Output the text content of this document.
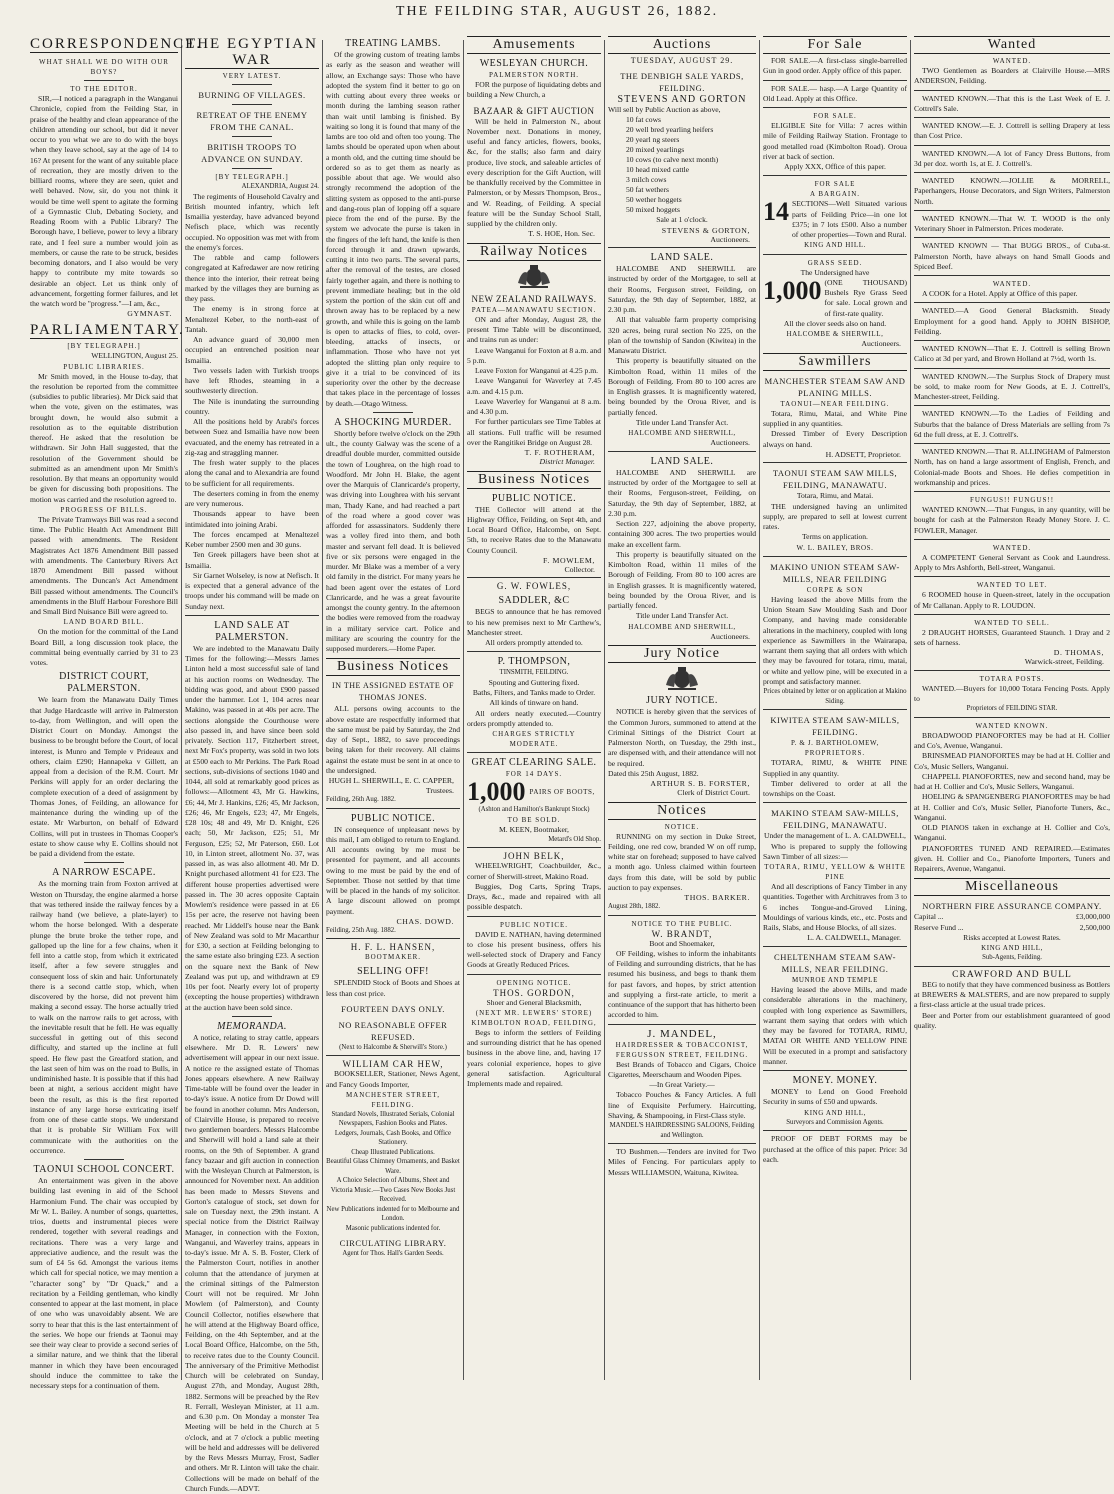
THE FEILDING STAR, AUGUST 26, 1882.
CORRESPONDENCE.
WHAT SHALL WE DO WITH OUR BOYS?
TO THE EDITOR.
SIR,—I noticed a paragraph in the Wanganui Chronicle, copied from the Feilding Star, in praise of the healthy and clean appearance of the children attending our school, but did it never occur to you what we are to do with the boys when they leave school, say at the age of 14 to 16? At present for the want of any suitable place of recreation, they are mostly driven to the billiard rooms, where they are seen, quiet and well behaved. Now, sir, do you not think it would be time well spent to agitate the forming of a Gymnastic Club, Debating Society, and Reading Room with a Public Library? The Borough have, I believe, power to levy a library rate, and I feel sure a number would join as members, or cause the rate to be struck, besides becoming donators, and I also would be very happy to contribute my mite towards so desirable an object. Let us think only of advancement, forgetting former failures, and let the watch word be "progress."—I am, &c.,
GYMNAST.
PARLIAMENTARY.
[BY TELEGRAPH.]
WELLINGTON, August 25.
PUBLIC LIBRARIES.
Mr Smith moved, in the House to-day, that the resolution be reported from the committee (subsidies to public libraries). Mr Dick said that when the vote, given on the estimates, was brought down, he would also submit a resolution as to the equitable distribution thereof. He asked that the resolution be withdrawn. Sir John Hall suggested, that the resolution of the Government should be submitted as an amendment upon Mr Smith's resolution. By that means an opportunity would be given for discussing both propositions. The motion was carried and the resolution agreed to.
PROGRESS OF BILLS.
The Private Tramways Bill was read a second time. The Public Health Act Amendment Bill passed with amendments. The Resident Magistrates Act 1876 Amendment Bill passed with amendments. The Canterbury Rivers Act 1870 Amendment Bill passed without amendments. The Duncan's Act Amendment Bill passed without amendments. The Council's amendments in the Bluff Harbour Foreshore Bill and Small Bird Nuisance Bill were agreed to.
LAND BOARD BILL.
On the motion for the committal of the Land Board Bill, a long discussion took place, the committal being eventually carried by 31 to 23 votes.
DISTRICT COURT, PALMERSTON.
We learn from the Manawatu Daily Times that Judge Hardcastle will arrive in Palmerston to-day, from Wellington, and will open the District Court on Monday. Amongst the business to be brought before the Court, of local interest, is Munro and Temple v Prideaux and others, claim £290; Hannapeka v Gillett, an appeal from a decision of the R.M. Court. Mr Perkins will apply for an order declaring the complete execution of a deed of assignment by Thomas Jones, of Feilding, an allowance for maintenance during the winding up of the estate. Mr Warburton, on behalf of Edward Collins, will put in trustees in Thomas Cooper's estate to show cause why E. Collins should not be paid a dividend from the estate.
A NARROW ESCAPE.
As the morning train from Foxton arrived at Weston on Thursday, the engine alarmed a horse that was tethered inside the railway fences by a railway hand (we believe, a plate-layer) to whom the horse belonged. With a desperate plunge the brute broke the tether rope, and galloped up the line for a few chains, when it fell into a cattle stop, from which it extricated itself, after a few severe struggles and consequent loss of skin and hair. Unfortunately there is a second cattle stop, which, when discovered by the horse, did not prevent him making a second essay. The horse actually tried to walk on the narrow rails to get across, with the inevitable result that he fell. He was equally successful in getting out of this second difficulty, and started up the incline at full speed. He flew past the Greatford station, and the last seen of him was on the road to Bulls, in undiminished haste. It is possible that if this had been at night, a serious accident might have been the result, as this is the first reported instance of any large horse extricating itself from one of these cattle stops. We understand that it is probable Sir William Fox will communicate with the authorities on the occurrence.
TAONUI SCHOOL CONCERT.
An entertainment was given in the above building last evening in aid of the School Harmonium Fund. The chair was occupied by Mr W. L. Bailey. A number of songs, quartettes, trios, duetts and instrumental pieces were rendered, together with several readings and recitations. There was a very large and appreciative audience, and the result was the sum of £4 5s 6d. Amongst the various items which call for special notice, we may mention a "character song" by "Dr Quack," and a recitation by a Feilding gentleman, who kindly consented to appear at the last moment, in place of one who was unavoidably absent. We are sorry to hear that this is the last entertainment of the series. We hope our friends at Taonui may see their way clear to provide a second series of a similar nature, and we think that the liberal manner in which they have been encouraged should induce the committee to take the necessary steps for a continuation of them.
THE EGYPTIAN WAR
VERY LATEST.
BURNING OF VILLAGES.
RETREAT OF THE ENEMY FROM THE CANAL.
BRITISH TROOPS TO ADVANCE ON SUNDAY.
[BY TELEGRAPH.]
ALEXANDRIA, August 24.
The regiments of Household Cavalry and British mounted infantry, which left Ismailia yesterday, have advanced beyond Nefisch place, which was recently occupied. No opposition was met with from the enemy's forces.
The rabble and camp followers congregated at Kafredawer are now retiring thence into the interior, their retreat being marked by the villages they are burning as they pass.
The enemy is in strong force at Menaltezel Keber, to the north-east of Tantah.
An advance guard of 30,000 men occupied an entrenched position near Ismailia.
Two vessels laden with Turkish troops have left Rhodes, steaming in a southwesterly direction.
The Nile is inundating the surrounding country.
All the positions held by Arabi's forces between Suez and Ismailia have now been evacuated, and the enemy has retreated in a zig-zag and straggling manner.
The fresh water supply to the places along the canal and to Alexandria are found to be sufficient for all requirements.
The deserters coming in from the enemy are very numerous.
Thousands appear to have been intimidated into joining Arabi.
The forces encamped at Menaltezel Keber number 2500 men and 30 guns.
Ten Greek pillagers have been shot at Ismailia.
Sir Garnet Wolseley, is now at Nefisch. It is expected that a general advance of the troops under his command will be made on Sunday next.
LAND SALE AT PALMERSTON.
We are indebted to the Manawatu Daily Times for the following:—Messrs James Linton held a most successful sale of land at his auction rooms on Wednesday. The bidding was good, and about £900 passed under the hammer. Lot 1, 104 acres near Makino, was passed in at 40s per acre. The sections alongside the Courthouse were also passed in, and have since been sold privately. Section 117, Fitzherbert street, next Mr Fox's property, was sold in two lots at £500 each to Mr Perkins. The Park Road sections, sub-divisions of sections 1040 and 1044, all sold at remarkably good prices as follows:—Allotment 43, Mr G. Hawkins, £6; 44, Mr J. Hankins, £26; 45, Mr Jackson, £26; 46, Mr Engels, £23; 47, Mr Engels, £28 10s; 48 and 49, Mr D. Knight, £26 each; 50, Mr Jackson, £25; 51, Mr Ferguson, £25; 52, Mr Paterson, £60. Lot 10, in Linton street, allotment No. 37, was passed in, as was also allotment 40. Mr D. Knight purchased allotment 41 for £23. The different house properties advertised were passed in. The 30 acres opposite Captain Mowlem's residence were passed in at £6 15s per acre, the reserve not having been reached. Mr Liddell's house near the Bank of New Zealand was sold to Mr Macarthur for £30, a section at Feilding belonging to the same estate also bringing £23. A section on the square next the Bank of New Zealand was put up, and withdrawn at £9 10s per foot. Nearly every lot of property (excepting the house properties) withdrawn at the auction have been sold since.
MEMORANDA.
A notice, relating to stray cattle, appears elsewhere. Mr D. R. Lewers' new advertisement will appear in our next issue. A notice re the assigned estate of Thomas Jones appears elsewhere. A new Railway Time-table will be found over the leader in to-day's issue. A notice from Dr Dowd will be found in another column. Mrs Anderson, of Clairville House, is prepared to receive two gentlemen boarders. Messrs Halcombe and Sherwill will hold a land sale at their rooms, on the 9th of September. A grand fancy bazaar and gift auction in connection with the Wesleyan Church at Palmerston, is announced for November next. An addition has been made to Messrs Stevens and Gorton's catalogue of stock, set down for sale on Tuesday next, the 29th instant. A special notice from the District Railway Manager, in connection with the Foxton, Wanganui, and Waverley trains, appears in to-day's issue. Mr A. S. B. Foster, Clerk of the Palmerston Court, notifies in another column that the attendance of jurymen at the criminal sittings of the Palmerston Court will not be required. Mr John Mowlem (of Palmerston), and County Council Collector, notifies elsewhere that he will attend at the Highway Board office, Feilding, on the 4th September, and at the Local Board Office, Halcombe, on the 5th, to receive rates due to the County Council. The anniversary of the Primitive Methodist Church will be celebrated on Sunday, August 27th, and Monday, August 28th, 1882. Sermons will be preached by the Rev R. Ferrall, Wesleyan Minister, at 11 a.m. and 6.30 p.m. On Monday a monster Tea Meeting will be held in the Church at 5 o'clock, and at 7 o'clock a public meeting will be held and addresses will be delivered by the Revs Messrs Murray, Frost, Sadler and others. Mr R. Linton will take the chair. Collections will be made on behalf of the Church Funds.—ADVT.
TREATING LAMBS.
Of the growing custom of treating lambs as early as the season and weather will allow, an Exchange says: Those who have adopted the system find it better to go on with cutting about every three weeks or month during the lambing season rather than wait until lambing is finished. By waiting so long it is found that many of the lambs are too old and often too young. The lambs should be operated upon when about a month old, and the cutting time should be ordered so as to get them as nearly as possible about that age. We would also strongly recommend the adoption of the slitting system as opposed to the anti-purse and dang-rous plan of lopping off a square piece from the end of the purse. By the system we advocate the purse is taken in the fingers of the left hand, the knife is then forced through it and drawn upwards, cutting it into two parts. The several parts, after the removal of the testes, are closed fairly together again, and there is nothing to prevent immediate healing; but in the old system the portion of the skin cut off and thrown away has to be replaced by a new growth, and while this is going on the lamb is open to attacks of flies, to cold, over-bleeding, attacks of insects, or inflammation. Those who have not yet adopted the slitting plan only require to give it a trial to be convinced of its superiority over the other by the decrease that takes place in the percentage of losses by death.—Otago Witness.
A SHOCKING MURDER.
Shortly before twelve o'clock on the 29th ult., the county Galway was the scene of a dreadful double murder, committed outside the town of Loughrea, on the high road to Woodford. Mr John H. Blake, the agent over the Marquis of Clanricarde's property, was driving into Loughrea with his servant man, Thady Kane, and had reached a part of the road where a good cover was afforded for assassinators. Suddenly there was a volley fired into them, and both master and servant fell dead. It is believed five or six persons were engaged in the murder. Mr Blake was a member of a very old family in the district. For many years he had been agent over the estates of Lord Clanricarde, and he was a great favourite amongst the county gentry. In the afternoon the bodies were removed from the roadway in a military service cart. Police and military are scouring the country for the supposed murderers.—Home Paper.
Business Notices
IN THE ASSIGNED ESTATE OF THOMAS JONES.
ALL persons owing accounts to the above estate are respectfully informed that the same must be paid by Saturday, the 2nd day of Sept., 1882, to save proceedings being taken for their recovery. All claims against the estate must be sent in at once to the undersigned.
HUGH L. SHERWILL, E. C. CAPPER, Trustees.
Feilding, 26th Aug. 1882.
PUBLIC NOTICE.
IN consequence of unpleasant news by this mail, I am obliged to return to England. All accounts owing by me must be presented for payment, and all accounts owing to me must be paid by the end of September. Those not settled by that time will be placed in the hands of my solicitor. A large discount allowed on prompt payment.
CHAS. DOWD.
Feilding, 25th Aug. 1882.
H. F. L. HANSEN,
BOOTMAKER.
SELLING OFF!
SPLENDID Stock of Boots and Shoes at less than cost price.
FOURTEEN DAYS ONLY.
NO REASONABLE OFFER REFUSED.
(Next to Halcombe & Sherwill's Store.)
WILLIAM CAR HEW,
BOOKSELLER, Stationer, News Agent, and Fancy Goods Importer,
MANCHESTER STREET, FEILDING.
Standard Novels, Illustrated Serials, Colonial Newspapers, Fashion Books and Plates.
Ledgers, Journals, Cash Books, and Office Stationery.
Cheap Illustrated Publications.
Beautiful Glass Chimney Ornaments, and Basket Ware.
A Choice Selection of Albums, Sheet and Victoria Music.—Two Cases New Books Just Received.
New Publications indented for to Melbourne and London.
Masonic publications indented for.
CIRCULATING LIBRARY.
Agent for Thos. Hall's Garden Seeds.
Amusements
WESLEYAN CHURCH.
PALMERSTON NORTH.
FOR the purpose of liquidating debts and building a New Church, a
BAZAAR & GIFT AUCTION
Will be held in Palmerston N., about November next. Donations in money, useful and fancy articles, flowers, books, &c, for the stalls; also farm and dairy produce, live stock, and saleable articles of every description for the Gift Auction, will be thankfully received by the Committee in Palmerston, or by Messrs Thompson, Bros., and W. Reading, of Feilding. A special feature will be the Sunday School Stall, supplied by the children only.
T. S. HOE, Hon. Sec.
Railway Notices
NEW ZEALAND RAILWAYS.
PATEA—MANAWATU SECTION.
ON and after Monday, August 28, the present Time Table will be discontinued, and trains run as under:
Leave Wanganui for Foxton at 8 a.m. and 5 p.m.
Leave Foxton for Wanganui at 4.25 p.m.
Leave Wanganui for Waverley at 7.45 a.m. and 4.15 p.m.
Leave Waverley for Wanganui at 8 a.m. and 4.30 p.m.
For further particulars see Time Tables at all stations. Full traffic will be resumed over the Rangitikei Bridge on August 28.
T. F. ROTHERAM,
District Manager.
Business Notices
PUBLIC NOTICE.
THE Collector will attend at the Highway Office, Feilding, on Sept 4th, and Local Board Office, Halcombe, on Sept. 5th, to receive Rates due to the Manawatu County Council.
F. MOWLEM,
Collector.
G. W. FOWLES,
SADDLER, &C
BEGS to announce that he has removed to his new premises next to Mr Carthew's, Manchester street.
All orders promptly attended to.
P. THOMPSON,
TINSMITH, FEILDING.
Spouting and Guttering fixed.
Baths, Filters, and Tanks made to Order.
All kinds of tinware on hand.
All orders neatly executed.—Country orders promptly attended to.
CHARGES STRICTLY MODERATE.
GREAT CLEARING SALE.
FOR 14 DAYS.
1,000 PAIRS OF BOOTS,
(Ashton and Hamilton's Bankrupt Stock)
TO BE SOLD.
M. KEEN, Bootmaker,
Metard's Old Shop.
JOHN BELK,
WHEELWRIGHT, Coachbuilder, &c., corner of Sherwill-street, Makino Road.
Buggies, Dog Carts, Spring Traps, Drays, &c., made and repaired with all possible despatch.
PUBLIC NOTICE.
DAVID E. NATHAN, having determined to close his present business, offers his well-selected stock of Drapery and Fancy Goods at Greatly Reduced Prices.
OPENING NOTICE.
THOS. GORDON,
Shoer and General Blacksmith,
(NEXT MR. LEWERS' STORE) KIMBOLTON ROAD, FEILDING,
Begs to inform the settlers of Feilding and surrounding district that he has opened business in the above line, and, having 17 years colonial experience, hopes to give general satisfaction. Agricultural Implements made and repaired.
Auctions
TUESDAY, AUGUST 29.
THE DENBIGH SALE YARDS, FEILDING.
STEVENS AND GORTON
Will sell by Public Auction as above,
10 fat cows
20 well bred yearling heifers
20 yearl ng steers
20 mixed yearlings
10 cows (to calve next month)
10 head mixed cattle
3 milch cows
50 fat wethers
50 wether hoggets
50 mixed hoggets
Sale at 1 o'clock.
STEVENS & GORTON,
Auctioneers.
LAND SALE.
HALCOMBE AND SHERWILL are instructed by order of the Mortgagee, to sell at their Rooms, Ferguson street, Feilding, on Saturday, the 9th day of September, 1882, at 2.30 p.m.
All that valuable farm property comprising 320 acres, being rural section No 225, on the plan of the township of Sandon (Kiwitea) in the Manawatu District.
This property is beautifully situated on the Kimbolton Road, within 11 miles of the Borough of Feilding. From 80 to 100 acres are in English grasses. It is magnificently watered, being bounded by the Oroua River, and is partially fenced.
Title under Land Transfer Act.
HALCOMBE AND SHERWILL,
Auctioneers.
LAND SALE.
HALCOMBE AND SHERWILL are instructed by order of the Mortgagee to sell at their Rooms, Ferguson-street, Feilding, on Saturday, the 9th day of September, 1882, at 2.30 p.m.
Section 227, adjoining the above property, containing 300 acres. The two properties would make an excellent farm.
This property is beautifully situated on the Kimbolton Road, within 11 miles of the Borough of Feilding. From 80 to 100 acres are in English grasses. It is magnificently watered, being bounded by the Oroua River, and is partially fenced.
Title under Land Transfer Act.
HALCOMBE AND SHERWILL,
Auctioneers.
Jury Notice
JURY NOTICE.
NOTICE is hereby given that the services of the Common Jurors, summoned to attend at the Criminal Sittings of the District Court at Palmerston North, on Tuesday, the 29th inst., are dispensed with, and their attendance will not be required.
Dated this 25th August, 1882.
ARTHUR S. B. FORSTER,
Clerk of District Court.
Notices
NOTICE.
RUNNING on my section in Duke Street, Feilding, one red cow, branded W on off rump, white star on forehead; supposed to have calved a month ago. Unless claimed within fourteen days from this date, will be sold by public auction to pay expenses.
THOS. BARKER.
August 28th, 1882.
NOTICE TO THE PUBLIC.
W. BRANDT,
Boot and Shoemaker,
OF Feilding, wishes to inform the inhabitants of Feilding and surrounding districts, that he has resumed his business, and begs to thank them for past favors, and hopes, by strict attention and supplying a first-rate article, to merit a continuance of the support that has hitherto been accorded to him.
J. MANDEL,
HAIRDRESSER & TOBACCONIST,
FERGUSSON STREET, FEILDING.
Best Brands of Tobacco and Cigars, Choice Cigarettes, Meerschaum and Wooden Pipes.
—In Great Variety.—
Tobacco Pouches & Fancy Articles. A full line of Exquisite Perfumery. Haircutting, Shaving, & Shampooing, in First-Class style.
MANDEL'S HAIRDRESSING SALOONS, Feilding and Wellington.
TO Bushmen.—Tenders are invited for Two Miles of Fencing. For particulars apply to Messrs WILLIAMSON, Waituna, Kiwitea.
For Sale
FOR SALE.—A first-class single-barrelled Gun in good order. Apply office of this paper.
FOR SALE.— hasp.—A Large Quantity of Old Lead. Apply at this Office.
FOR SALE.
ELIGIBLE Site for Villa: 7 acres within mile of Feilding Railway Station. Frontage to good metalled road (Kimbolton Road). Oroua river at back of section.
Apply XXX, Office of this paper.
FOR SALE
A BARGAIN.
14 SECTIONS—Well Situated various parts of Feilding Price—in one lot £375; in 7 lots £500. Also a number of other properties—Town and Rural.
KING AND HILL.
GRASS SEED.
The Undersigned have
1,000 (ONE THOUSAND) Bushels Rye Grass Seed for sale. Local grown and of first-rate quality.
All the clover seeds also on hand.
HALCOMBE & SHERWILL,
Auctioneers.
Sawmillers
MANCHESTER STEAM SAW AND PLANING MILLS.
TAONUI—NEAR FEILDING.
Totara, Rimu, Matai, and White Pine supplied in any quantities.
Dressed Timber of Every Description always on hand.
H. ADSETT, Proprietor.
TAONUI STEAM SAW MILLS, FEILDING, MANAWATU.
Totara, Rimu, and Matai.
THE undersigned having an unlimited supply, are prepared to sell at lowest current rates.
Terms on application.
W. L. BAILEY, BROS.
MAKINO UNION STEAM SAW-MILLS, NEAR FEILDING
CORPE & SON
Having leased the above Mills from the Union Steam Saw Moulding Sash and Door Company, and having made considerable alterations in the machinery, coupled with long experience as Sawmillers in the Wairarapa, warrant them saying that all orders with which they may be favoured for totara, rimu, matai, or white and yellow pine, will be executed in a prompt and satisfactory manner.
Prices obtained by letter or on application at Makino Siding.
KIWITEA STEAM SAW-MILLS, FEILDING.
P. & J. BARTHOLOMEW,
PROPRIETORS.
TOTARA, RIMU, & WHITE PINE Supplied in any quantity.
Timber delivered to order at all the townships on the Coast.
MAKINO STEAM SAW-MILLS, FEILDING, MANAWATU.
Under the management of L. A. CALDWELL,
Who is prepared to supply the following Sawn Timber of all sizes:—
TOTARA, RIMU, YELLOW & WHITE PINE
And all descriptions of Fancy Timber in any quantities. Together with Architraves from 3 to 6 inches Tongue-and-Groved Lining, Mouldings of various kinds, etc., etc. Posts and Rails, Slabs, and House Blocks, of all sizes.
L. A. CALDWELL, Manager.
CHELTENHAM STEAM SAW-MILLS, NEAR FEILDING.
MUNROE AND TEMPLE
Having leased the above Mills, and made considerable alterations in the machinery, coupled with long experience as Sawmillers, warrant them saying that orders with which they may be favored for TOTARA, RIMU, MATAI OR WHITE AND YELLOW PINE Will be executed in a prompt and satisfactory manner.
MONEY. MONEY.
MONEY to Lend on Good Freehold Security in sums of £50 and upwards.
KING AND HILL,
Surveyors and Commission Agents.
PROOF OF DEBT FORMS may be purchased at the office of this paper. Price: 3d each.
Wanted
WANTED.
TWO Gentlemen as Boarders at Clairville House.—MRS ANDERSON, Feilding.
WANTED KNOWN.—That this is the Last Week of E. J. Cottrell's Sale.
WANTED KNOW.—E. J. Cottrell is selling Drapery at less than Cost Price.
WANTED KNOWN.—A lot of Fancy Dress Buttons, from 3d per doz. worth 1s, at E. J. Cottrell's.
WANTED KNOWN.—JOLLIE & MORRELL, Paperhangers, House Decorators, and Sign Writers, Palmerston North.
WANTED KNOWN.—That W. T. WOOD is the only Veterinary Shoer in Palmerston. Prices moderate.
WANTED KNOWN — That BUGG BROS., of Cuba-st. Palmerston North, have always on hand Small Goods and Spiced Beef.
WANTED.
A COOK for a Hotel. Apply at Office of this paper.
WANTED.—A Good General Blacksmith. Steady Employment for a good hand. Apply to JOHN BISHOP, Feilding.
WANTED KNOWN—That E. J. Cottrell is selling Brown Calico at 3d per yard, and Brown Holland at 7½d, worth 1s.
WANTED KNOWN.—The Surplus Stock of Drapery must be sold, to make room for New Goods, at E. J. Cottrell's, Manchester-street, Feilding.
WANTED KNOWN.—To the Ladies of Feilding and Suburbs that the balance of Dress Materials are selling from 7s 6d the full dress, at E. J. Cottrell's.
WANTED KNOWN.—That R. ALLINGHAM of Palmerston North, has on hand a large assortment of English, French, and Colonial-made Boots and Shoes. He defies competition in workmanship and prices.
FUNGUS!! FUNGUS!!
WANTED KNOWN.—That Fungus, in any quantity, will be bought for cash at the Palmerston Ready Money Store. J. C. FOWLER, Manager.
WANTED.
A COMPETENT General Servant as Cook and Laundress. Apply to Mrs Ashforth, Bell-street, Wanganui.
WANTED TO LET.
6 ROOMED house in Queen-street, lately in the occupation of Mr Callanan. Apply to R. LOUDON.
WANTED TO SELL.
2 DRAUGHT HORSES, Guaranteed Staunch. 1 Dray and 2 sets of harness.
D. THOMAS,
Warwick-street, Feilding.
TOTARA POSTS.
WANTED.—Buyers for 10,000 Totara Fencing Posts. Apply to
Proprietors of FEILDING STAR.
WANTED KNOWN.
BROADWOOD PIANOFORTES may be had at H. Collier and Co's, Avenue, Wanganui.
BRINSMEAD PIANOFORTES may be had at H. Collier and Co's, Music Sellers, Wanganui.
CHAPPELL PIANOFORTES, new and second hand, may be had at H. Collier and Co's, Music Sellers, Wanganui.
HOELING & SPANGENBERG PIANOFORTES may be had at H. Collier and Co's, Music Seller, Pianoforte Tuners, &c., Wanganui.
OLD PIANOS taken in exchange at H. Collier and Co's, Wanganui.
PIANOFORTES TUNED AND REPAIRED.—Estimates given. H. Collier and Co., Pianoforte Importers, Tuners and Repairers, Avenue, Wanganui.
Miscellaneous
NORTHERN FIRE ASSURANCE COMPANY.
Capital ...	£3,000,000
Reserve Fund ...	2,500,000
Risks accepted at Lowest Rates.
KING AND HILL,
Sub-Agents, Feilding.
CRAWFORD AND BULL
BEG to notify that they have commenced business as Bottlers at BREWERS & MALSTERS, and are now prepared to supply a first-class article at the usual trade prices.
Beer and Porter from our establishment guaranteed of good quality.
